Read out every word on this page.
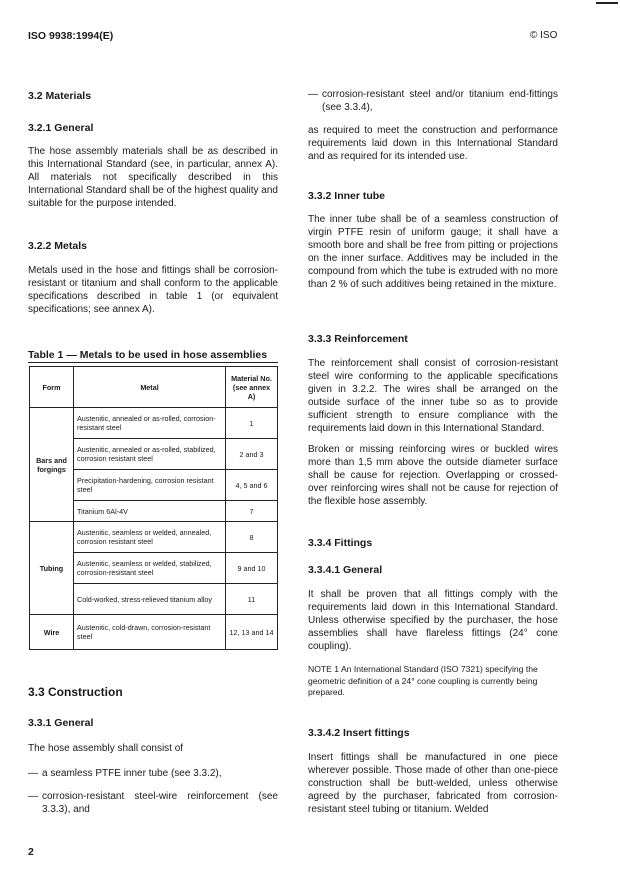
ISO 9938:1994(E)	© ISO
3.2 Materials
3.2.1 General
The hose assembly materials shall be as described in this International Standard (see, in particular, annex A). All materials not specifically described in this International Standard shall be of the highest quality and suitable for the purpose intended.
3.2.2 Metals
Metals used in the hose and fittings shall be corrosion-resistant or titanium and shall conform to the applicable specifications described in table 1 (or equivalent specifications; see annex A).
Table 1 — Metals to be used in hose assemblies
Form	Metal	Material No. (see annex A)
Bars and forgings	Austenitic, annealed or as-rolled, corrosion-resistant steel	1
	Austenitic, annealed or as-rolled, stabilized, corrosion resistant steel	2 and 3
	Precipitation-hardening, corrosion resistant steel	4, 5 and 6
	Titanium 6Al-4V	7
Tubing	Austenitic, seamless or welded, annealed, corrosion resistant steel	8
	Austenitic, seamless or welded, stabilized, corrosion-resistant steel	9 and 10
	Cold-worked, stress-relieved titanium alloy	11
Wire	Austenitic, cold-drawn, corrosion-resistant steel	12, 13 and 14
3.3 Construction
3.3.1 General
The hose assembly shall consist of
— a seamless PTFE inner tube (see 3.3.2),
— corrosion-resistant steel-wire reinforcement (see 3.3.3), and
2
— corrosion-resistant steel and/or titanium end-fittings (see 3.3.4),
as required to meet the construction and performance requirements laid down in this International Standard and as required for its intended use.
3.3.2 Inner tube
The inner tube shall be of a seamless construction of virgin PTFE resin of uniform gauge; it shall have a smooth bore and shall be free from pitting or projections on the inner surface. Additives may be included in the compound from which the tube is extruded with no more than 2 % of such additives being retained in the mixture.
3.3.3 Reinforcement
The reinforcement shall consist of corrosion-resistant steel wire conforming to the applicable specifications given in 3.2.2. The wires shall be arranged on the outside surface of the inner tube so as to provide sufficient strength to ensure compliance with the requirements laid down in this International Standard.
Broken or missing reinforcing wires or buckled wires more than 1,5 mm above the outside diameter surface shall be cause for rejection. Overlapping or crossed-over reinforcing wires shall not be cause for rejection of the flexible hose assembly.
3.3.4 Fittings
3.3.4.1 General
It shall be proven that all fittings comply with the requirements laid down in this International Standard. Unless otherwise specified by the purchaser, the hose assemblies shall have flareless fittings (24° cone coupling).
NOTE 1 An International Standard (ISO 7321) specifying the geometric definition of a 24° cone coupling is currently being prepared.
3.3.4.2 Insert fittings
Insert fittings shall be manufactured in one piece wherever possible. Those made of other than one-piece construction shall be butt-welded, unless otherwise agreed by the purchaser, fabricated from corrosion-resistant steel tubing or titanium. Welded
